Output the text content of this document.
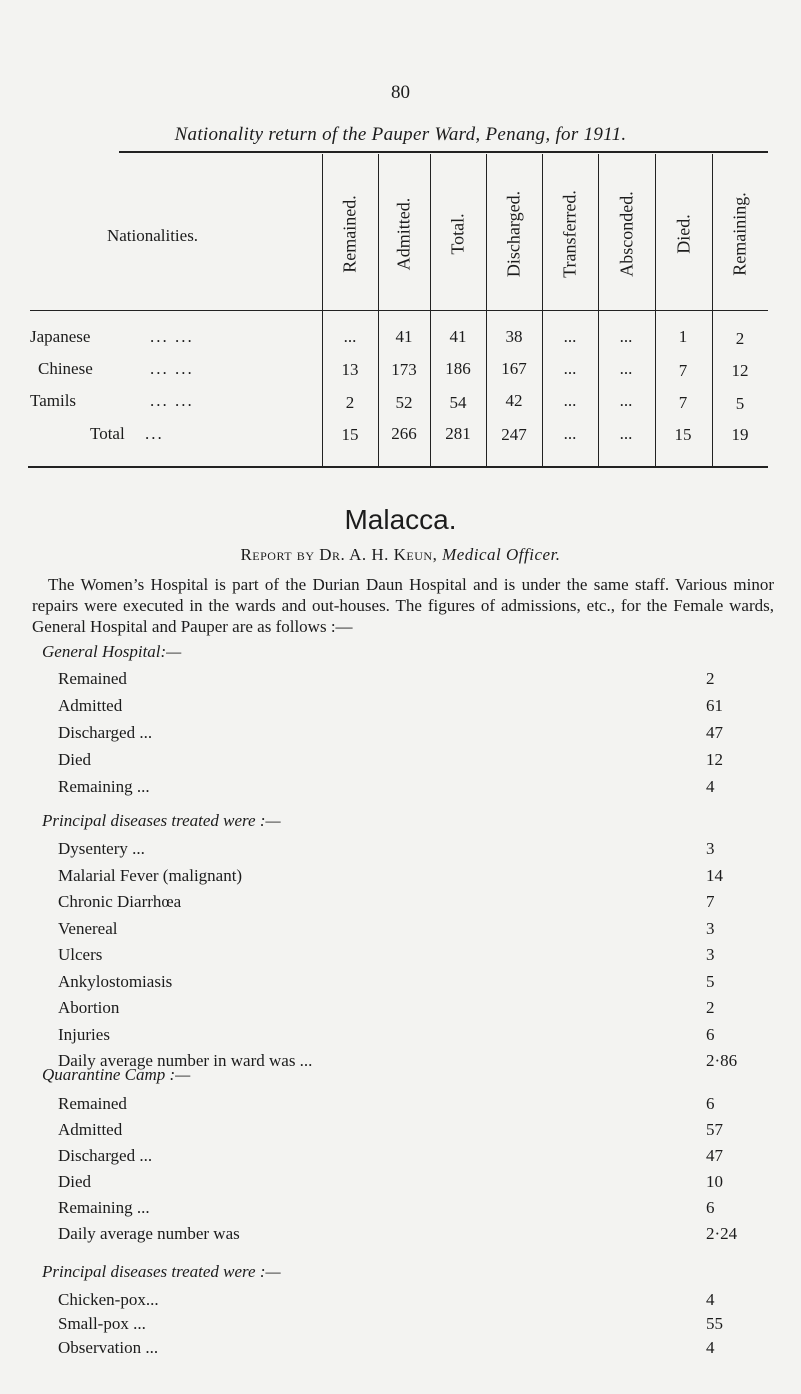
80
Nationality return of the Pauper Ward, Penang, for 1911.
Nationalities.	Remained. Admitted. Total. Discharged. Transferred. Absconded. Died. Remaining.
Japanese	... ...	...	41	41	38	...	...	1	2
Chinese	... ...	13	173	186	167	...	...	7	12
Tamils	... ...	2	52	54	42	...	...	7	5
Total ...	15	266	281	247	...	...	15	19
Malacca.
Report by Dr. A. H. Keun, Medical Officer.
The Women’s Hospital is part of the Durian Daun Hospital and is under the same staff. Various minor repairs were executed in the wards and out-houses. The figures of admissions, etc., for the Female wards, General Hospital and Pauper are as follows :—
General Hospital:—
Remained	2
Admitted	61
Discharged ...	47
Died	12
Remaining ...	4
Principal diseases treated were :—
Dysentery ...	3
Malarial Fever (malignant)	14
Chronic Diarrhœa	7
Venereal	3
Ulcers	3
Ankylostomiasis	5
Abortion	2
Injuries	6
Daily average number in ward was ...	2·86
Quarantine Camp :—
Remained	6
Admitted	57
Discharged ...	47
Died	10
Remaining ...	6
Daily average number was	2·24
Principal diseases treated were :—
Chicken-pox...	4
Small-pox ...	55
Observation ...	4
